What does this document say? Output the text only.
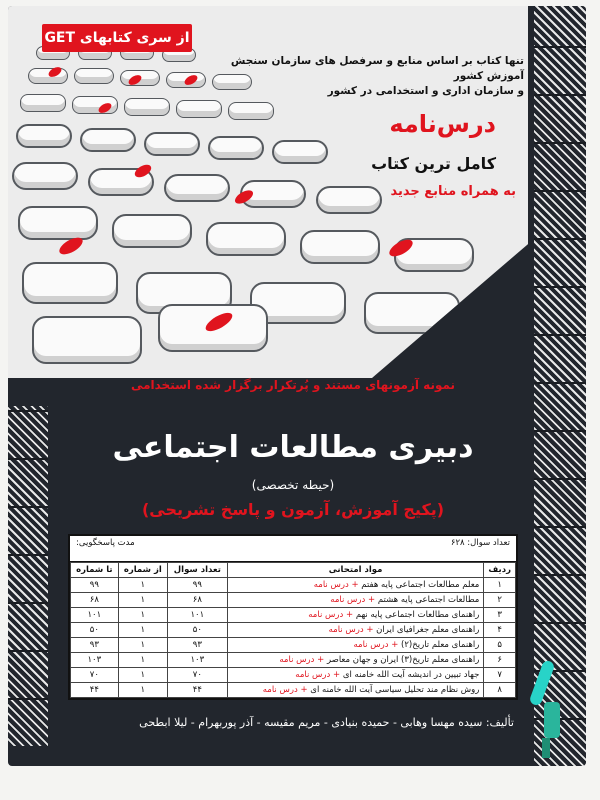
از سری کتابهای GET
تنها کتاب بر اساس منابع و سرفصل های سازمان سنجش آموزش کشور
و سازمان اداری و استخدامی در کشور
درس‌نامه
کامل ترین کتاب
به همراه منابع جدید
نمونه آزمونهای مستند و پُرتکرار برگزار شده استخدامی
دبیری مطالعات اجتماعی
(حیطه تخصصی)
(پکیج آموزش، آزمون و پاسخ تشریحی)
تعداد سوال: ۶۲۸
مدت پاسخگویی:
ردیف	مواد امتحانی	تعداد سوال	از شماره	تا شماره
۱	معلم مطالعات اجتماعی پایه هفتم + درس نامه	۹۹	۱	۹۹
۲	مطالعات اجتماعی پایه هشتم + درس نامه	۶۸	۱	۶۸
۳	راهنمای مطالعات اجتماعی پایه نهم + درس نامه	۱۰۱	۱	۱۰۱
۴	راهنمای معلم جغرافیای ایران + درس نامه	۵۰	۱	۵۰
۵	راهنمای معلم تاریخ(۲) + درس نامه	۹۳	۱	۹۳
۶	راهنمای معلم تاریخ(۳) ایران و جهان معاصر + درس نامه	۱۰۳	۱	۱۰۳
۷	جهاد تبیین در اندیشه آیت الله خامنه ای + درس نامه	۷۰	۱	۷۰
۸	روش نظام مند تحلیل سیاسی آیت الله خامنه ای + درس نامه	۴۴	۱	۴۴
تألیف: سیده مهسا وهابی - حمیده بنیادی - مریم مقیسه - آذر پوربهرام - لیلا ابطحی
